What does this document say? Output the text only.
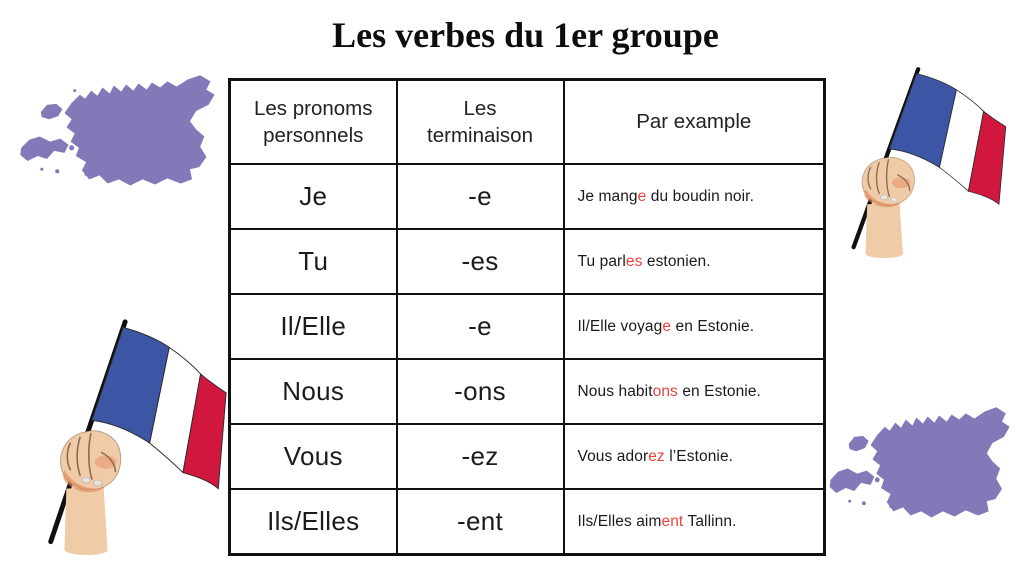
Les verbes du 1er groupe
Les pronoms personnels	Les terminaison	Par example
Je	-e	Je mange du boudin noir.
Tu	-es	Tu parles estonien.
Il/Elle	-e	Il/Elle voyage en Estonie.
Nous	-ons	Nous habitons en Estonie.
Vous	-ez	Vous adorez l’Estonie.
Ils/Elles	-ent	Ils/Elles aiment Tallinn.
